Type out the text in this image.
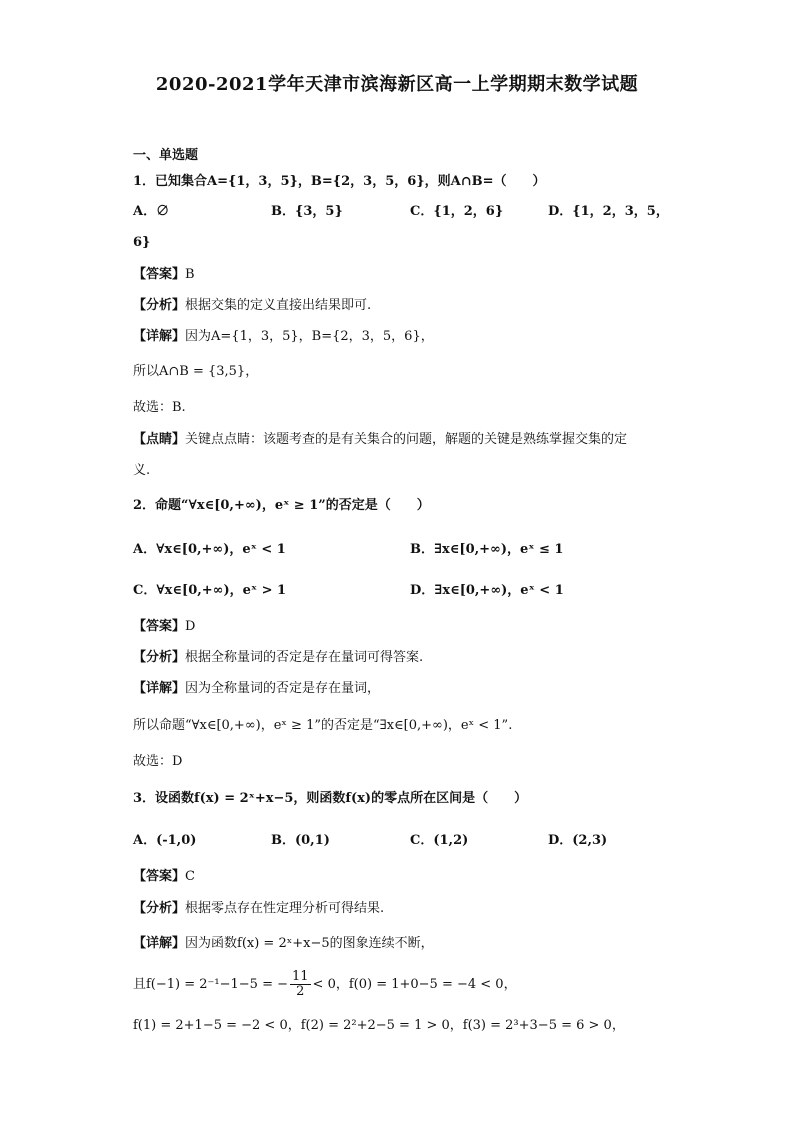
2020-2021学年天津市滨海新区高一上学期期末数学试题
一、单选题
1．已知集合A={1，3，5}，B={2，3，5，6}，则A∩B=（　　）
A．∅	B．{3，5}	C．{1，2，6}	D．{1，2，3，5，
6}
【答案】B
【分析】根据交集的定义直接出结果即可.
【详解】因为A={1，3，5}，B={2，3，5，6}，
所以A∩B = {3,5}，
故选：B.
【点睛】关键点点睛：该题考查的是有关集合的问题，解题的关键是熟练掌握交集的定
义.
2．命题“∀x∈[0,+∞)，eˣ ≥ 1”的否定是（　　）
A．∀x∈[0,+∞)，eˣ < 1	B．∃x∈[0,+∞)，eˣ ≤ 1
C．∀x∈[0,+∞)，eˣ > 1	D．∃x∈[0,+∞)，eˣ < 1
【答案】D
【分析】根据全称量词的否定是存在量词可得答案.
【详解】因为全称量词的否定是存在量词，
所以命题“∀x∈[0,+∞)，eˣ ≥ 1”的否定是“∃x∈[0,+∞)，eˣ < 1”.
故选：D
3．设函数f(x) = 2ˣ+x−5，则函数f(x)的零点所在区间是（　　）
A．(-1,0)	B．(0,1)	C．(1,2)	D．(2,3)
【答案】C
【分析】根据零点存在性定理分析可得结果.
【详解】因为函数f(x) = 2ˣ+x−5的图象连续不断，
且f(−1) = 2⁻¹−1−5 = − $\frac{11}{2} < 0$，f(0) = 1+0−5 = −4 < 0，
f(1) = 2+1−5 = −2 < 0，f(2) = 2²+2−5 = 1 > 0，f(3) = 2³+3−5 = 6 > 0，
